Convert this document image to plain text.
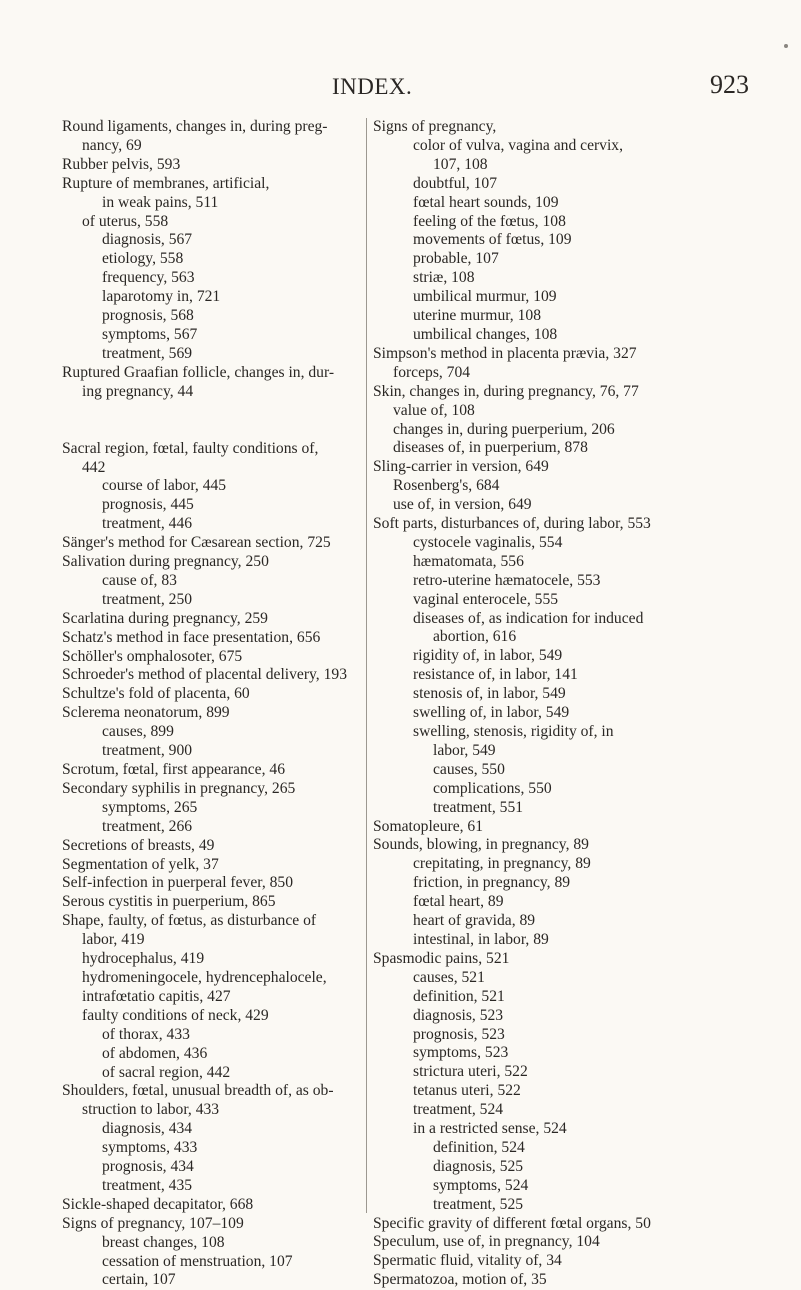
INDEX.	923
Round ligaments, changes in, during preg-
nancy, 69
Rubber pelvis, 593
Rupture of membranes, artificial,
in weak pains, 511
of uterus, 558
diagnosis, 567
etiology, 558
frequency, 563
laparotomy in, 721
prognosis, 568
symptoms, 567
treatment, 569
Ruptured Graafian follicle, changes in, dur-
ing pregnancy, 44
Sacral region, fœtal, faulty conditions of,
442
course of labor, 445
prognosis, 445
treatment, 446
Sänger's method for Cæsarean section, 725
Salivation during pregnancy, 250
cause of, 83
treatment, 250
Scarlatina during pregnancy, 259
Schatz's method in face presentation, 656
Schöller's omphalosoter, 675
Schroeder's method of placental delivery, 193
Schultze's fold of placenta, 60
Sclerema neonatorum, 899
causes, 899
treatment, 900
Scrotum, fœtal, first appearance, 46
Secondary syphilis in pregnancy, 265
symptoms, 265
treatment, 266
Secretions of breasts, 49
Segmentation of yelk, 37
Self-infection in puerperal fever, 850
Serous cystitis in puerperium, 865
Shape, faulty, of fœtus, as disturbance of
labor, 419
hydrocephalus, 419
hydromeningocele, hydrencephalocele,
intrafœtatio capitis, 427
faulty conditions of neck, 429
of thorax, 433
of abdomen, 436
of sacral region, 442
Shoulders, fœtal, unusual breadth of, as ob-
struction to labor, 433
diagnosis, 434
symptoms, 433
prognosis, 434
treatment, 435
Sickle-shaped decapitator, 668
Signs of pregnancy, 107–109
breast changes, 108
cessation of menstruation, 107
certain, 107
Signs of pregnancy,
color of vulva, vagina and cervix,
107, 108
doubtful, 107
fœtal heart sounds, 109
feeling of the fœtus, 108
movements of fœtus, 109
probable, 107
striæ, 108
umbilical murmur, 109
uterine murmur, 108
umbilical changes, 108
Simpson's method in placenta prævia, 327
forceps, 704
Skin, changes in, during pregnancy, 76, 77
value of, 108
changes in, during puerperium, 206
diseases of, in puerperium, 878
Sling-carrier in version, 649
Rosenberg's, 684
use of, in version, 649
Soft parts, disturbances of, during labor, 553
cystocele vaginalis, 554
hæmatomata, 556
retro-uterine hæmatocele, 553
vaginal enterocele, 555
diseases of, as indication for induced
abortion, 616
rigidity of, in labor, 549
resistance of, in labor, 141
stenosis of, in labor, 549
swelling of, in labor, 549
swelling, stenosis, rigidity of, in
labor, 549
causes, 550
complications, 550
treatment, 551
Somatopleure, 61
Sounds, blowing, in pregnancy, 89
crepitating, in pregnancy, 89
friction, in pregnancy, 89
fœtal heart, 89
heart of gravida, 89
intestinal, in labor, 89
Spasmodic pains, 521
causes, 521
definition, 521
diagnosis, 523
prognosis, 523
symptoms, 523
strictura uteri, 522
tetanus uteri, 522
treatment, 524
in a restricted sense, 524
definition, 524
diagnosis, 525
symptoms, 524
treatment, 525
Specific gravity of different fœtal organs, 50
Speculum, use of, in pregnancy, 104
Spermatic fluid, vitality of, 34
Spermatozoa, motion of, 35
